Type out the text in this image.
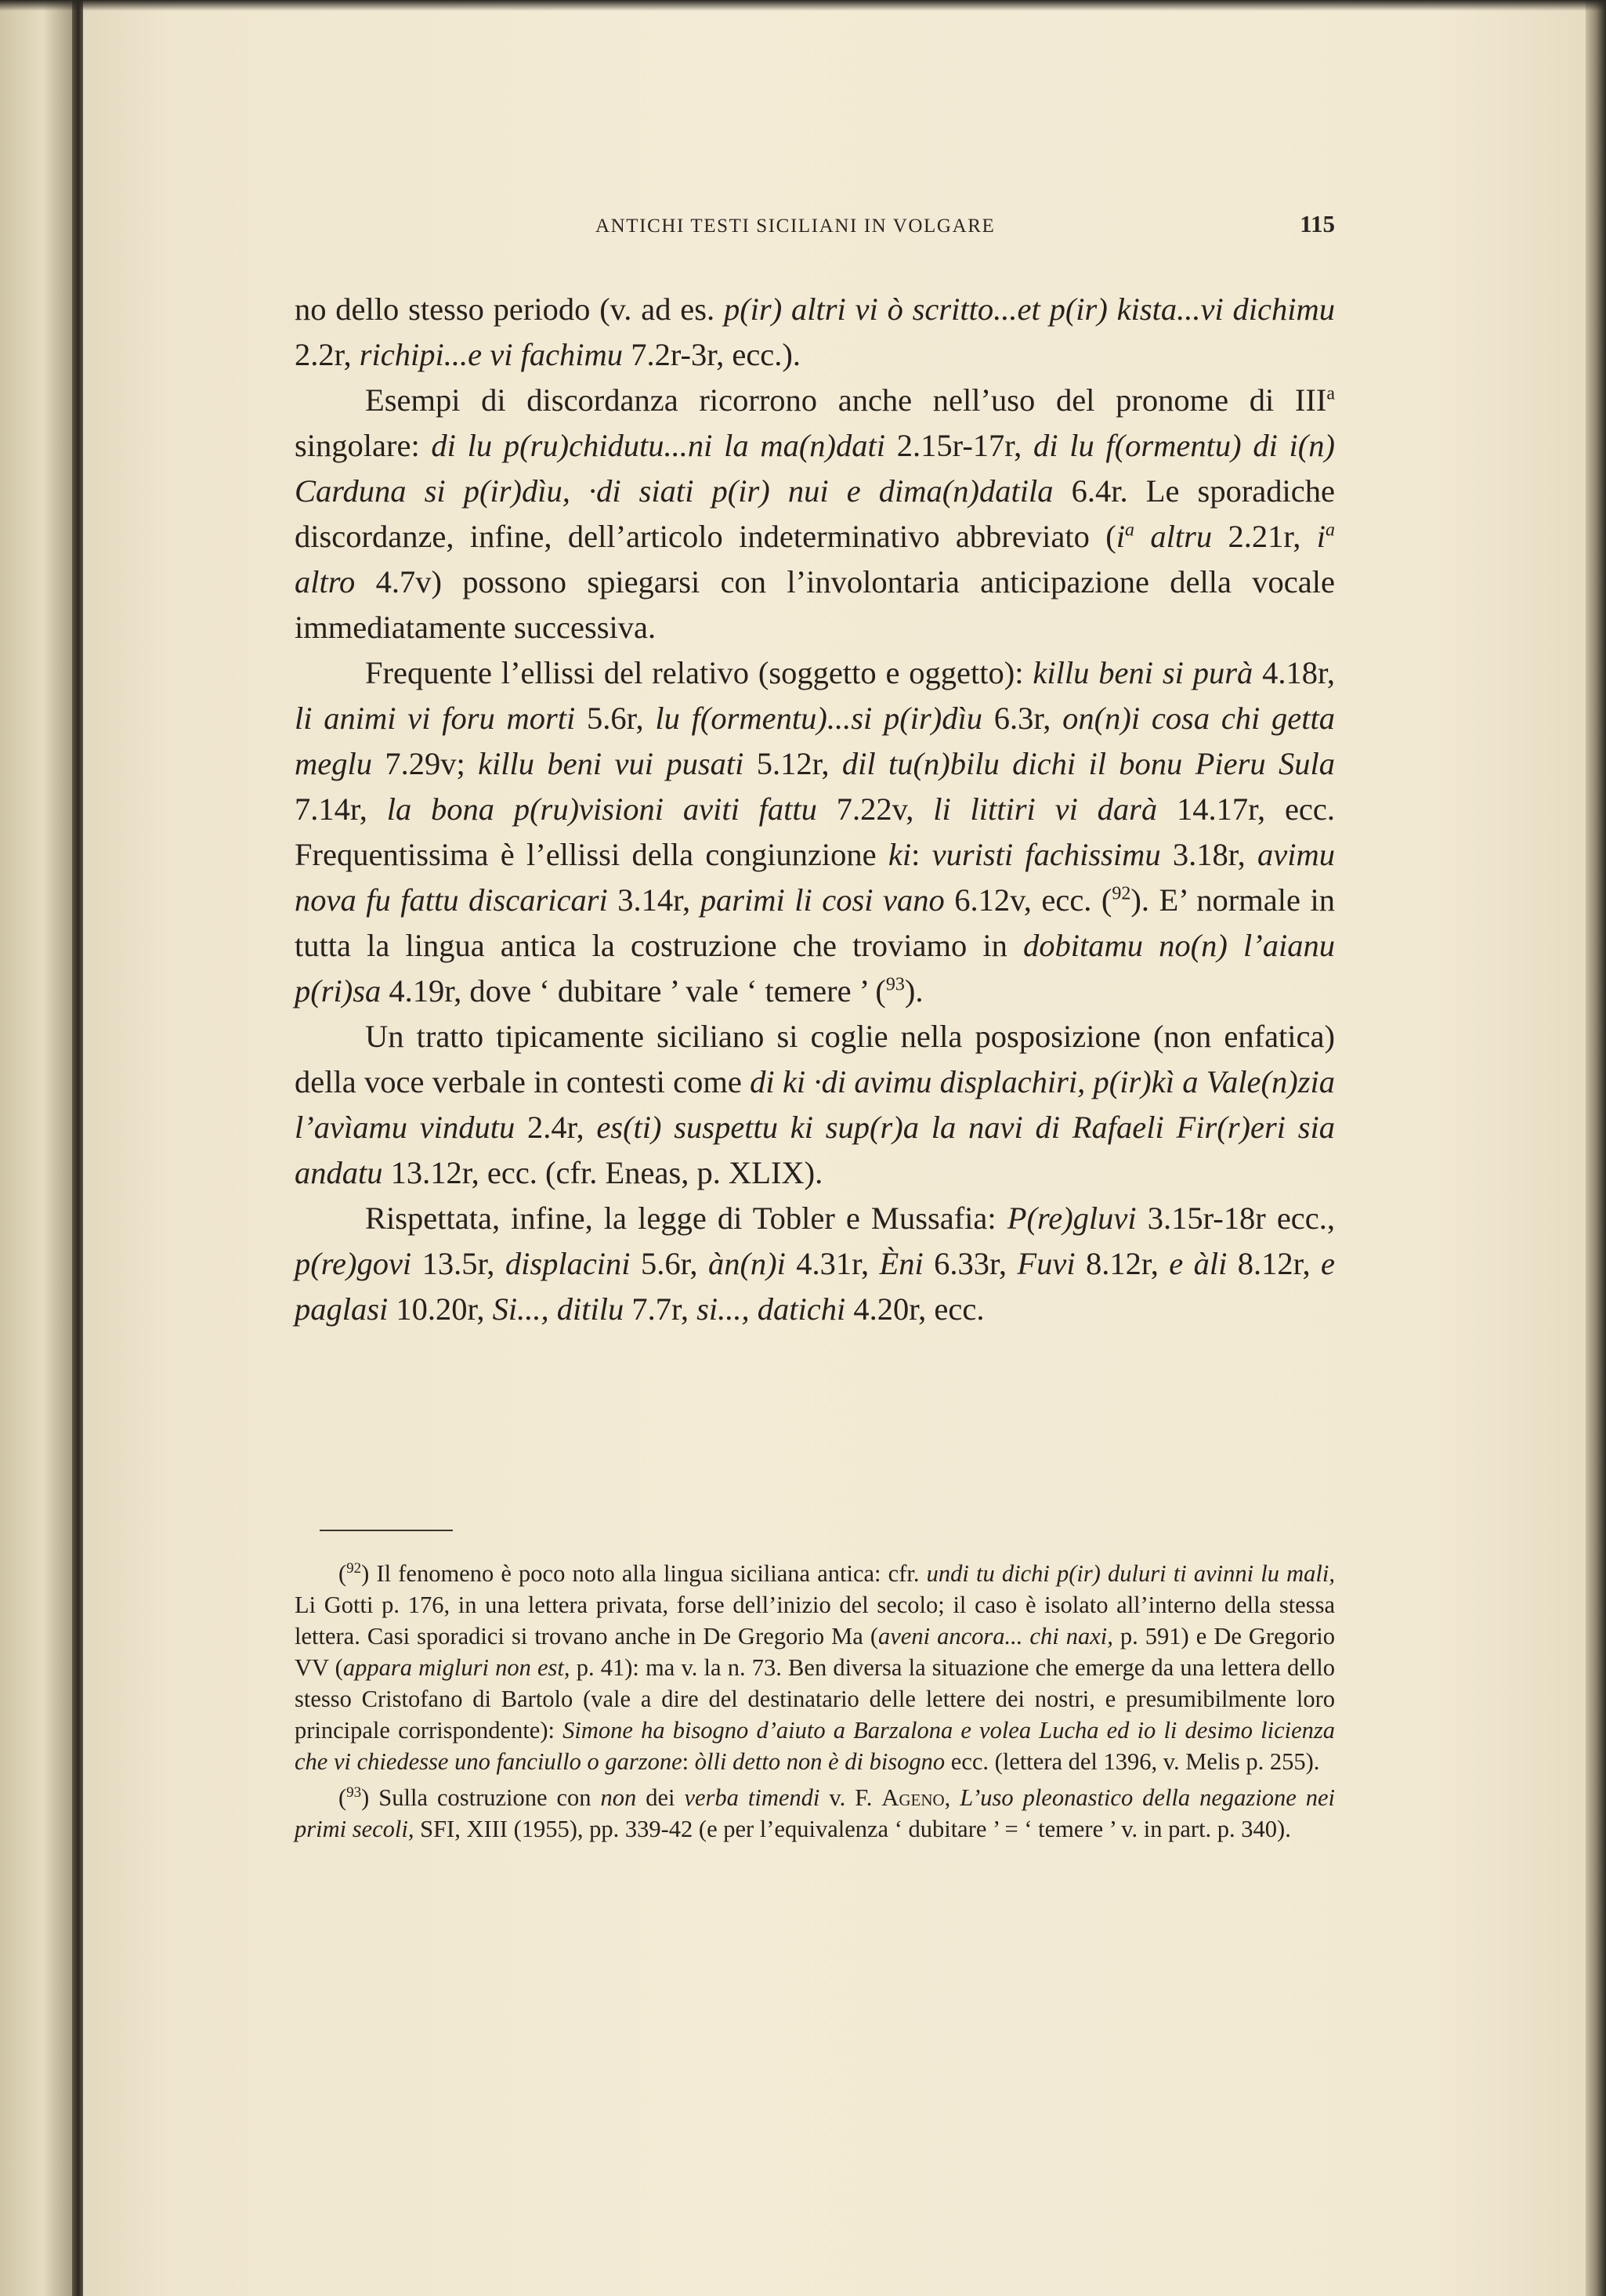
ANTICHI TESTI SICILIANI IN VOLGARE	115

no dello stesso periodo (v. ad es. p(ir) altri vi ò scritto...et p(ir) kista...vi dichimu 2.2r, richipi...e vi fachimu 7.2r-3r, ecc.).

Esempi di discordanza ricorrono anche nell’uso del pronome di III$^a$ singolare: di lu p(ru)chidutu...ni la ma(n)dati 2.15r-17r, di lu f(ormentu) di i(n) Carduna si p(ir)dìu, ·di siati p(ir) nui e dima(n)datila 6.4r. Le sporadiche discordanze, infine, dell’articolo indeterminativo abbreviato ($i^a$ altru 2.21r, $i^a$ altro 4.7v) possono spiegarsi con l’involontaria anticipazione della vocale immediatamente successiva.

Frequente l’ellissi del relativo (soggetto e oggetto): killu beni si purà 4.18r, li animi vi foru morti 5.6r, lu f(ormentu)...si p(ir)dìu 6.3r, on(n)i cosa chi getta meglu 7.29v; killu beni vui pusati 5.12r, dil tu(n)bilu dichi il bonu Pieru Sula 7.14r, la bona p(ru)visioni aviti fattu 7.22v, li littiri vi darà 14.17r, ecc. Frequentissima è l’ellissi della congiunzione ki: vuristi fachissimu 3.18r, avimu nova fu fattu discaricari 3.14r, parimi li cosi vano 6.12v, ecc. ($^{92}$). E’ normale in tutta la lingua antica la costruzione che troviamo in dobitamu no(n) l’aianu p(ri)sa 4.19r, dove ‘ dubitare ’ vale ‘ temere ’ ($^{93}$).

Un tratto tipicamente siciliano si coglie nella posposizione (non enfatica) della voce verbale in contesti come di ki ·di avimu displachiri, p(ir)kì a Vale(n)zia l’avìamu vindutu 2.4r, es(ti) suspettu ki sup(r)a la navi di Rafaeli Fir(r)eri sia andatu 13.12r, ecc. (cfr. Eneas, p. XLIX).

Rispettata, infine, la legge di Tobler e Mussafia: P(re)gluvi 3.15r-18r ecc., p(re)govi 13.5r, displacini 5.6r, àn(n)i 4.31r, Èni 6.33r, Fuvi 8.12r, e àli 8.12r, e paglasi 10.20r, Si..., ditilu 7.7r, si..., datichi 4.20r, ecc.

($^{92}$) Il fenomeno è poco noto alla lingua siciliana antica: cfr. undi tu dichi p(ir) duluri ti avinni lu mali, Li Gotti p. 176, in una lettera privata, forse dell’inizio del secolo; il caso è isolato all’interno della stessa lettera. Casi sporadici si trovano anche in De Gregorio Ma (aveni ancora... chi naxi, p. 591) e De Gregorio VV (appara migluri non est, p. 41): ma v. la n. 73. Ben diversa la situazione che emerge da una lettera dello stesso Cristofano di Bartolo (vale a dire del destinatario delle lettere dei nostri, e presumibilmente loro principale corrispondente): Simone ha bisogno d’aiuto a Barzalona e volea Lucha ed io li desimo licienza che vi chiedesse uno fanciullo o garzone: òlli detto non è di bisogno ecc. (lettera del 1396, v. Melis p. 255).

($^{93}$) Sulla costruzione con non dei verba timendi v. F. Ageno, L’uso pleonastico della negazione nei primi secoli, SFI, XIII (1955), pp. 339-42 (e per l’equivalenza ‘ dubitare ’ = ‘ temere ’ v. in part. p. 340).
